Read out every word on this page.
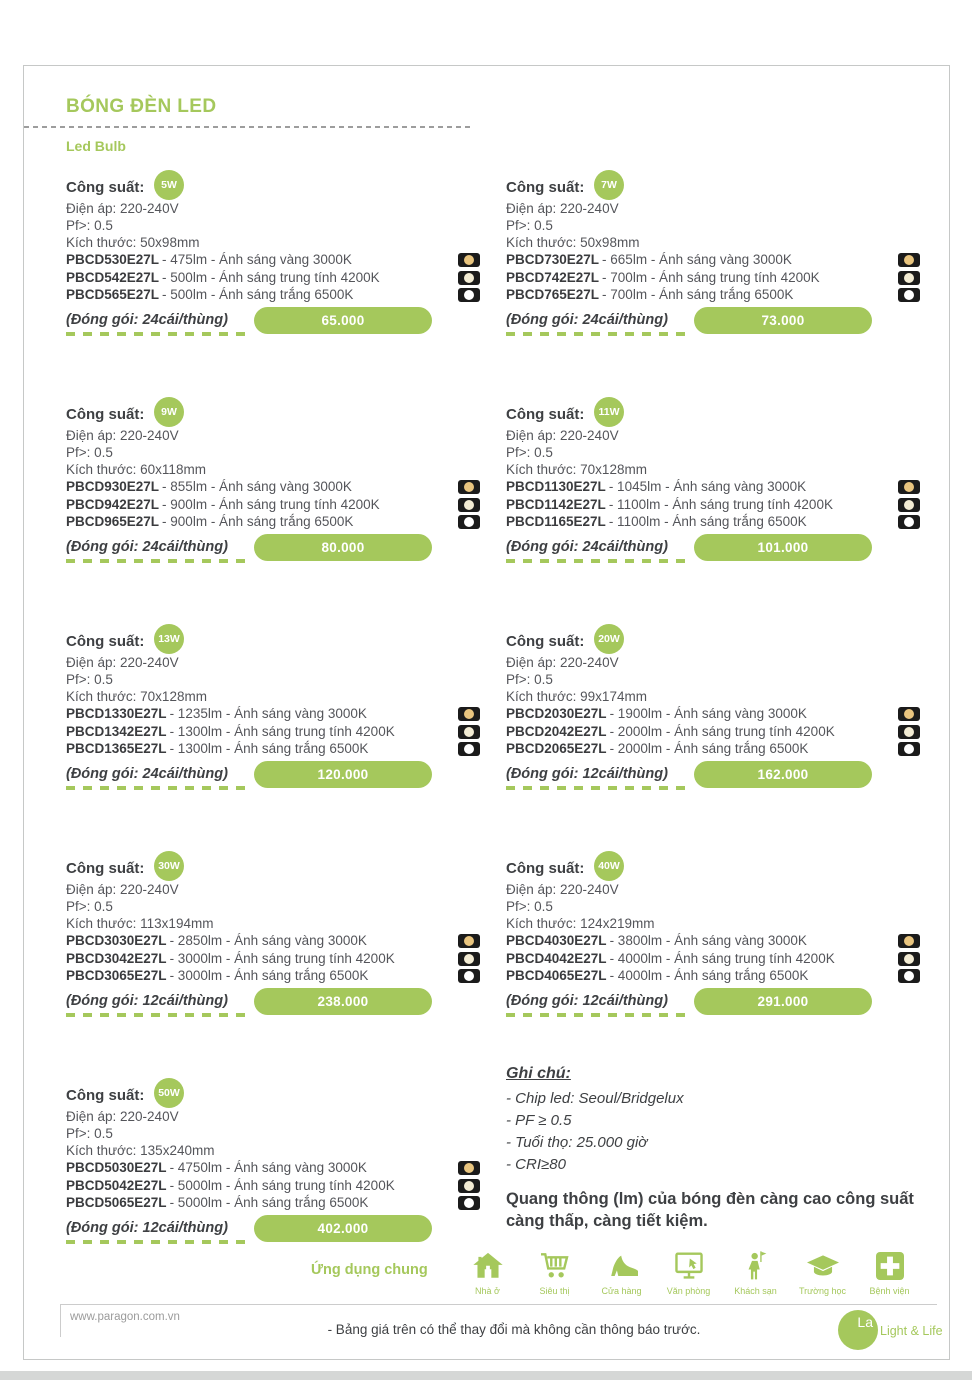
BÓNG ĐÈN LED
Led Bulb
Công suất:	5W
Điện áp: 220-240V
Pf>: 0.5
Kích thước: 50x98mm
PBCD530E27L - 475lm - Ánh sáng vàng 3000K
PBCD542E27L - 500lm - Ánh sáng trung tính 4200K
PBCD565E27L - 500lm - Ánh sáng trắng 6500K
(Đóng gói: 24cái/thùng)	65.000
Công suất:	7W
Điện áp: 220-240V
Pf>: 0.5
Kích thước: 50x98mm
PBCD730E27L - 665lm - Ánh sáng vàng 3000K
PBCD742E27L - 700lm - Ánh sáng trung tính 4200K
PBCD765E27L - 700lm - Ánh sáng trắng 6500K
(Đóng gói: 24cái/thùng)	73.000
Công suất:	9W
Điện áp: 220-240V
Pf>: 0.5
Kích thước: 60x118mm
PBCD930E27L - 855lm - Ánh sáng vàng 3000K
PBCD942E27L - 900lm - Ánh sáng trung tính 4200K
PBCD965E27L - 900lm - Ánh sáng trắng 6500K
(Đóng gói: 24cái/thùng)	80.000
Công suất:	11W
Điện áp: 220-240V
Pf>: 0.5
Kích thước: 70x128mm
PBCD1130E27L - 1045lm - Ánh sáng vàng 3000K
PBCD1142E27L - 1100lm - Ánh sáng trung tính 4200K
PBCD1165E27L - 1100lm - Ánh sáng trắng 6500K
(Đóng gói: 24cái/thùng)	101.000
Công suất:	13W
Điện áp: 220-240V
Pf>: 0.5
Kích thước: 70x128mm
PBCD1330E27L - 1235lm - Ánh sáng vàng 3000K
PBCD1342E27L - 1300lm - Ánh sáng trung tính 4200K
PBCD1365E27L - 1300lm - Ánh sáng trắng 6500K
(Đóng gói: 24cái/thùng)	120.000
Công suất:	20W
Điện áp: 220-240V
Pf>: 0.5
Kích thước: 99x174mm
PBCD2030E27L - 1900lm - Ánh sáng vàng 3000K
PBCD2042E27L - 2000lm - Ánh sáng trung tính 4200K
PBCD2065E27L - 2000lm - Ánh sáng trắng 6500K
(Đóng gói: 12cái/thùng)	162.000
Công suất:	30W
Điện áp: 220-240V
Pf>: 0.5
Kích thước: 113x194mm
PBCD3030E27L - 2850lm - Ánh sáng vàng 3000K
PBCD3042E27L - 3000lm - Ánh sáng trung tính 4200K
PBCD3065E27L - 3000lm - Ánh sáng trắng 6500K
(Đóng gói: 12cái/thùng)	238.000
Công suất:	40W
Điện áp: 220-240V
Pf>: 0.5
Kích thước: 124x219mm
PBCD4030E27L - 3800lm - Ánh sáng vàng 3000K
PBCD4042E27L - 4000lm - Ánh sáng trung tính 4200K
PBCD4065E27L - 4000lm - Ánh sáng trắng 6500K
(Đóng gói: 12cái/thùng)	291.000
Công suất:	50W
Điện áp: 220-240V
Pf>: 0.5
Kích thước: 135x240mm
PBCD5030E27L - 4750lm - Ánh sáng vàng 3000K
PBCD5042E27L - 5000lm - Ánh sáng trung tính 4200K
PBCD5065E27L - 5000lm - Ánh sáng trắng 6500K
(Đóng gói: 12cái/thùng)	402.000
Ghi chú:
- Chip led: Seoul/Bridgelux
- PF ≥ 0.5
- Tuổi thọ: 25.000 giờ
- CRI≥80
Quang thông (lm) của bóng đèn càng cao công suất càng thấp, càng tiết kiệm.
Ứng dụng chung
Nhà ở	Siêu thị	Cửa hàng	Văn phòng	Khách sạn Trường học	Bệnh viện
www.paragon.com.vn
- Bảng giá trên có thể thay đổi mà không cần thông báo trước.	La
Light & Life
